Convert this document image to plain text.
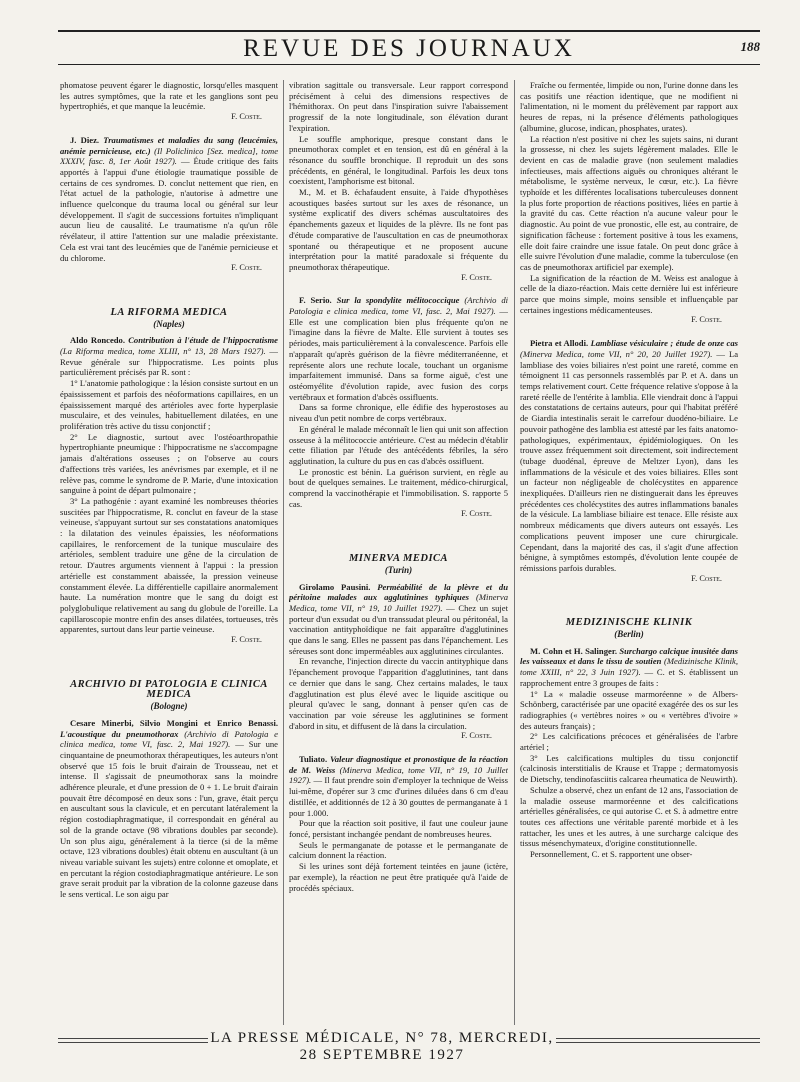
REVUE DES JOURNAUX	188

phomatose peuvent égarer le diagnostic, lorsqu'elles masquent les autres symptômes, que la rate et les ganglions sont peu hypertrophiés, et que manque la leucémie.

F. Coste.

J. Diez. Traumatismes et maladies du sang (leucémies, anémie pernicieuse, etc.) (Il Policlinico [Sez. medica], tome XXXIV, fasc. 8, 1er Août 1927). — Étude critique des faits apportés à l'appui d'une étiologie traumatique possible de certains de ces syndromes. D. conclut nettement que rien, en l'état actuel de la pathologie, n'autorise à admettre une influence quelconque du trauma local ou général sur leur développement. Il s'agit de successions fortuites n'impliquant aucun lieu de causalité. Le traumatisme n'a qu'un rôle révélateur, il attire l'attention sur une maladie préexistante. Cela est vrai tant des leucémies que de l'anémie pernicieuse et du chlorome.

F. Coste.
LA RIFORMA MEDICA
(Naples)

Aldo Roncedo. Contribution à l'étude de l'hippocratisme (La Riforma medica, tome XLIII, n° 13, 28 Mars 1927). — Revue générale sur l'hippocratisme. Les points plus particulièrement précisés par R. sont :

1° L'anatomie pathologique : la lésion consiste surtout en un épaississement et parfois des néoformations capillaires, en un épaississement marqué des artérioles avec forte hyperplasie musculaire, et des veinules, habituellement dilatées, en une prolifération très active du tissu conjonctif ;

2° Le diagnostic, surtout avec l'ostéoarthropathie hypertrophiante pneumique : l'hippocratisme ne s'accompagne jamais d'altérations osseuses ; on l'observe au cours d'affections très variées, les anévrismes par exemple, et il ne relève pas, comme le syndrome de P. Marie, d'une intoxication sanguine à point de départ pulmonaire ;

3° La pathogénie : ayant examiné les nombreuses théories suscitées par l'hippocratisme, R. conclut en faveur de la stase veineuse, s'appuyant surtout sur ses constatations anatomiques : la dilatation des veinules épaissies, les néoformations capillaires, le renforcement de la tunique musculaire des artérioles, semblent traduire une gêne de la circulation de retour. D'autres arguments viennent à l'appui : la pression artérielle est constamment abaissée, la pression veineuse constamment élevée. La différentielle capillaire anormalement haute. La numération montre que le sang du doigt est polyglobulique relativement au sang du globule de l'oreille. La capillaroscopie montre enfin des anses dilatées, tortueuses, très apparentes, surtout dans leur partie veineuse.

F. Coste.
ARCHIVIO DI PATOLOGIA E CLINICA MEDICA
(Bologne)

Cesare Minerbi, Silvio Mongini et Enrico Benassi. L'acoustique du pneumothorax (Archivio di Patologia e clinica medica, tome VI, fasc. 2, Mai 1927). — Sur une cinquantaine de pneumothorax thérapeutiques, les auteurs n'ont observé que 15 fois le bruit d'airain de Trousseau, net et intense. Il s'agissait de pneumothorax sans la moindre adhérence pleurale, et d'une pression de 0 + 1. Le bruit d'airain pouvait être décomposé en deux sons : l'un, grave, était perçu en auscultant sous la clavicule, et en percutant latéralement la région costodiaphragmatique, il correspondait en général au sol de la grande octave (98 vibrations doubles par seconde). Un son plus aigu, généralement à la tierce (si de la même octave, 123 vibrations doubles) était obtenu en auscultant (à un niveau variable suivant les sujets) entre colonne et omoplate, et en percutant la région costodiaphragmatique antérieure. Le son grave serait produit par la vibration de la colonne gazeuse dans le sens vertical. Le son aigu par

vibration sagittale ou transversale. Leur rapport correspond précisément à celui des dimensions respectives de l'hémithorax. On peut dans l'inspiration suivre l'abaissement progressif de la note longitudinale, son élévation durant l'expiration.

Le souffle amphorique, presque constant dans le pneumothorax complet et en tension, est dû en général à la résonance du souffle bronchique. Il reproduit un des sons précédents, en général, le longitudinal. Parfois les deux tons coexistent, l'amphorisme est bitonal.

M., M. et B. échafaudent ensuite, à l'aide d'hypothèses acoustiques basées surtout sur les axes de résonance, un système explicatif des divers schémas auscultatoires des épanchements gazeux et liquides de la plèvre. Ils ne font pas d'étude comparative de l'auscultation en cas de pneumothorax spontané ou thérapeutique et ne proposent aucune interprétation pour la matité paradoxale si fréquente du pneumothorax thérapeutique.

F. Coste.

F. Serio. Sur la spondylite mélitococcique (Archivio di Patologia e clinica medica, tome VI, fasc. 2, Mai 1927). — Elle est une complication bien plus fréquente qu'on ne l'imagine dans la fièvre de Malte. Elle survient à toutes ses périodes, mais particulièrement à la convalescence. Parfois elle n'apparaît qu'après guérison de la fièvre méditerranéenne, et représente alors une rechute locale, touchant un organisme imparfaitement immunisé. Dans sa forme aiguë, c'est une ostéomyélite d'évolution rapide, avec fusion des corps vertébraux et formation d'abcès ossifluents.

Dans sa forme chronique, elle édifie des hyperostoses au niveau d'un petit nombre de corps vertébraux.

En général le malade méconnaît le lien qui unit son affection osseuse à la mélitococcie antérieure. C'est au médecin d'établir cette filiation par l'étude des antécédents fébriles, la séro agglutination, la culture du pus en cas d'abcès ossifluent.

Le pronostic est bénin. La guérison survient, en règle au bout de quelques semaines. Le traitement, médico-chirurgical, comprend la vaccinothérapie et l'immobilisation. S. rapporte 5 cas.

F. Coste.
MINERVA MEDICA
(Turin)

Girolamo Pausini. Perméabilité de la plèvre et du péritoine malades aux agglutinines typhiques (Minerva Medica, tome VII, n° 19, 10 Juillet 1927). — Chez un sujet porteur d'un exsudat ou d'un transsudat pleural ou péritonéal, la vaccination antityphoïdique ne fait apparaître d'agglutinines que dans le sang. Elles ne passent pas dans l'épanchement. Les séreuses sont donc imperméables aux agglutinines circulantes.

En revanche, l'injection directe du vaccin antityphique dans l'épanchement provoque l'apparition d'agglutinines, tant dans ce dernier que dans le sang. Chez certains malades, le taux d'agglutination est plus élevé avec le liquide ascitique ou pleural qu'avec le sang, donnant à penser qu'en cas de vaccination par voie séreuse les agglutinines se forment d'abord in situ, et diffusent de là dans la circulation.

F. Coste.

Tuliato. Valeur diagnostique et pronostique de la réaction de M. Weiss (Minerva Medica, tome VII, n° 19, 10 Juillet 1927). — Il faut prendre soin d'employer la technique de Weiss lui-même, d'opérer sur 3 cmc d'urines diluées dans 6 cm d'eau distillée, et additionnés de 12 à 30 gouttes de permanganate à 1 pour 1.000.

Pour que la réaction soit positive, il faut une couleur jaune foncé, persistant inchangée pendant de nombreuses heures.

Seuls le permanganate de potasse et le permanganate de calcium donnent la réaction.

Si les urines sont déjà fortement teintées en jaune (ictère, par exemple), la réaction ne peut être pratiquée qu'à l'aide de procédés spéciaux.

Fraîche ou fermentée, limpide ou non, l'urine donne dans les cas positifs une réaction identique, que ne modifient ni l'alimentation, ni le moment du prélèvement par rapport aux heures de repas, ni la présence d'éléments pathologiques (albumine, glucose, indican, phosphates, urates).

La réaction n'est positive ni chez les sujets sains, ni durant la grossesse, ni chez les sujets légèrement malades. Elle le devient en cas de maladie grave (non seulement maladies infectieuses, mais affections aiguës ou chroniques altérant le métabolisme, le système nerveux, le cœur, etc.). La fièvre typhoïde et les différentes localisations tuberculeuses donnent la plus forte proportion de réactions positives, liées en partie à la gravité du cas. Cette réaction n'a aucune valeur pour le diagnostic. Au point de vue pronostic, elle est, au contraire, de signification fâcheuse : fortement positive à tous les examens, elle doit faire craindre une issue fatale. On peut donc grâce à elle suivre l'évolution d'une maladie, comme la tuberculose (en cas de pneumothorax artificiel par exemple).

La signification de la réaction de M. Weiss est analogue à celle de la diazo-réaction. Mais cette dernière lui est inférieure parce que moins simple, moins sensible et influençable par certaines ingestions médicamenteuses.

F. Coste.

Pietra et Allodi. Lambliase vésiculaire ; étude de onze cas (Minerva Medica, tome VII, n° 20, 20 Juillet 1927). — La lambliase des voies biliaires n'est point une rareté, comme en témoignent 11 cas personnels rassemblés par P. et A. dans un temps relativement court. Cette fréquence relative s'oppose à la rareté réelle de l'entérite à lamblia. Elle viendrait donc à l'appui des constatations de certains auteurs, pour qui l'habitat préféré de Giardia intestinalis serait le carrefour duodéno-biliaire. Le pouvoir pathogène des lamblia est attesté par les faits anatomo-pathologiques, expérimentaux, épidémiologiques. On les trouve assez fréquemment soit directement, soit indirectement (tubage duodénal, épreuve de Meltzer Lyon), dans les inflammations de la vésicule et des voies biliaires. Elles sont un facteur non négligeable de cholécystites en apparence inexpliquées. D'ailleurs rien ne distinguerait dans les épreuves précédentes ces cholécystites des autres inflammations banales de la vésicule. La lambliase biliaire est tenace. Elle résiste aux nombreux médicaments que divers auteurs ont essayés. Les complications peuvent imposer une cure chirurgicale. Cependant, dans la majorité des cas, il s'agit d'une affection bénigne, à symptômes estompés, d'évolution lente coupée de rémissions parfois durables.

F. Coste.
MEDIZINISCHE KLINIK
(Berlin)

M. Cohn et H. Salinger. Surchargo calcique inusitée dans les vaisseaux et dans le tissu de soutien (Medizinische Klinik, tome XXIII, n° 22, 3 Juin 1927). — C. et S. établissent un rapprochement entre 3 groupes de faits :

1° La « maladie osseuse marmoréenne » de Albers-Schönberg, caractérisée par une opacité exagérée des os sur les radiographies (« vertèbres noires » ou « vertèbres d'ivoire » des auteurs français) ;

2° Les calcifications précoces et généralisées de l'arbre artériel ;

3° Les calcifications multiples du tissu conjonctif (calcinosis interstitialis de Krause et Trappe ; dermatomyosis de Dietschy, tendinofasciitis calcarea rheumatica de Neuwirth).

Schulze a observé, chez un enfant de 12 ans, l'association de la maladie osseuse marmoréenne et des calcifications artérielles généralisées, ce qui autorise C. et S. à admettre entre toutes ces affections une véritable parenté morbide et à les rattacher, les unes et les autres, à une surcharge calcique des tissus mésenchymateux, d'origine constitutionnelle.

Personnellement, C. et S. rapportent une obser-

LA PRESSE MÉDICALE, N° 78, MERCREDI, 28 SEPTEMBRE 1927
